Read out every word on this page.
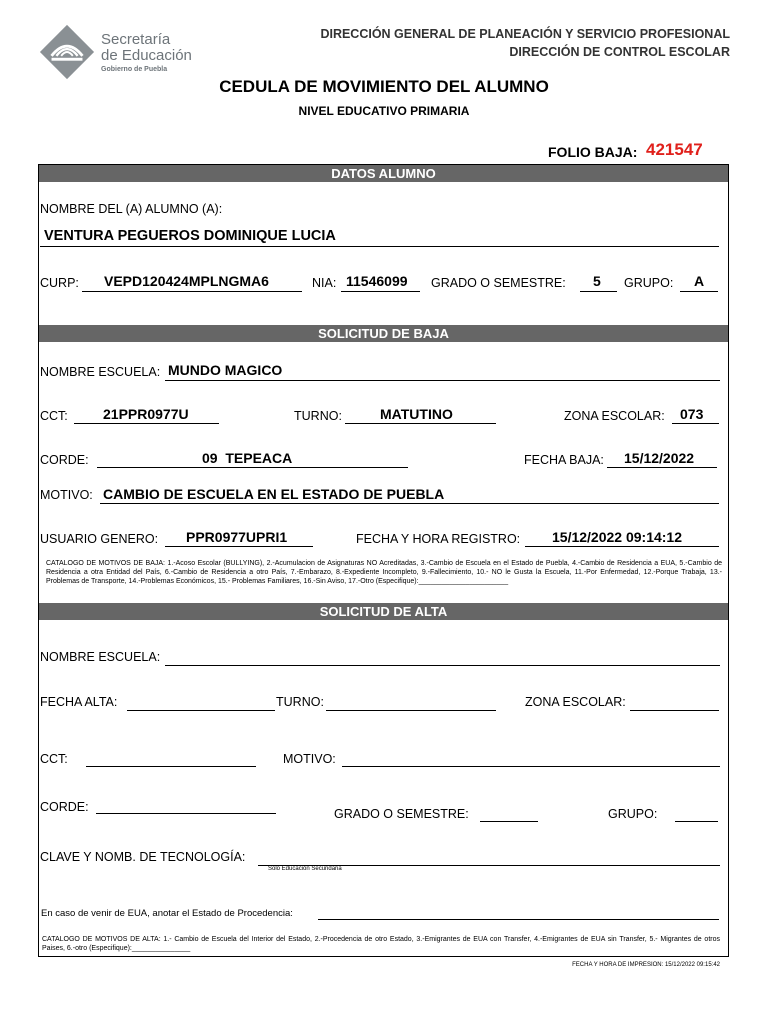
Secretaría
de Educación
Gobierno de Puebla
DIRECCIÓN GENERAL DE PLANEACIÓN Y SERVICIO PROFESIONAL
DIRECCIÓN DE CONTROL ESCOLAR
CEDULA DE MOVIMIENTO DEL ALUMNO
NIVEL EDUCATIVO PRIMARIA
FOLIO BAJA: 421547
DATOS ALUMNO
NOMBRE DEL (A) ALUMNO (A):
VENTURA PEGUEROS DOMINIQUE LUCIA
CURP: VEPD120424MPLNGMA6	NIA: 11546099 GRADO O SEMESTRE: 5 GRUPO: A
SOLICITUD DE BAJA
NOMBRE ESCUELA: MUNDO MAGICO
CCT:	21PPR0977U	TURNO:	MATUTINO	ZONA ESCOLAR: 073
CORDE:	09  TEPEACA	FECHA BAJA: 15/12/2022
MOTIVO: CAMBIO DE ESCUELA EN EL ESTADO DE PUEBLA
USUARIO GENERO: PPR0977UPRI1	FECHA Y HORA REGISTRO: 15/12/2022 09:14:12
CATALOGO DE MOTIVOS DE BAJA: 1.-Acoso Escolar (BULLYING), 2.-Acumulacion de Asignaturas NO Acreditadas, 3.-Cambio de Escuela en el Estado de Puebla, 4.-Cambio de Residencia a EUA, 5.-Cambio de Residencia a otra Entidad del País, 6.-Cambio de Residencia a otro País, 7.-Embarazo, 8.-Expediente Incompleto, 9.-Fallecimiento, 10.- NO le Gusta la Escuela, 11.-Por Enfermedad, 12.-Porque Trabaja, 13.-Problemas de Transporte, 14.-Problemas Económicos, 15.- Problemas Familiares, 16.-Sin Aviso, 17.-Otro (Especifique):_______________________
SOLICITUD DE ALTA
NOMBRE ESCUELA:
FECHA ALTA:	TURNO:	ZONA ESCOLAR:
CCT:	MOTIVO:
CORDE:	GRADO O SEMESTRE:	GRUPO:
CLAVE Y NOMB. DE TECNOLOGÍA:
Solo Educación Secundaria
En caso de venir de EUA, anotar el Estado de Procedencia:
CATALOGO DE MOTIVOS DE ALTA: 1.- Cambio de Escuela del Interior del Estado, 2.-Procedencia de otro Estado, 3.-Emigrantes de EUA con Transfer, 4.-Emigrantes de EUA sin Transfer, 5.- Migrantes de otros Paises, 6.-otro (Especifique):_______________
FECHA Y HORA DE IMPRESION: 15/12/2022 09:15:42
